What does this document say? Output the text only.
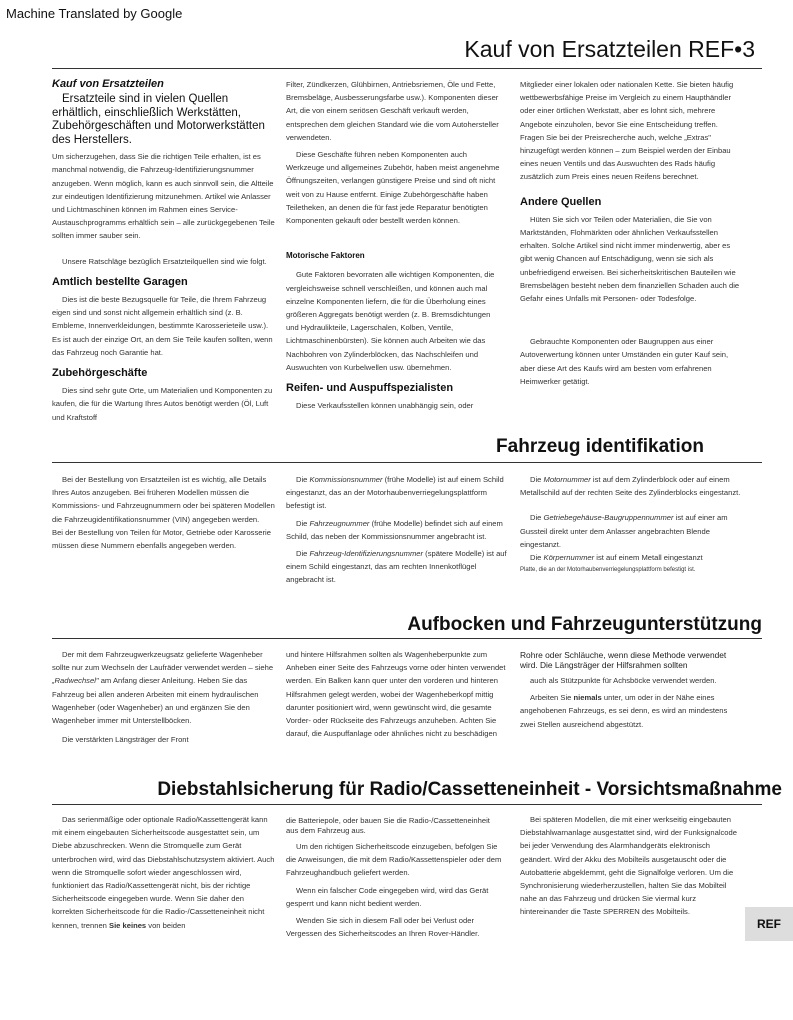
Machine Translated by Google
Kauf von Ersatzteilen REF•3
Kauf von Ersatzteilen
Ersatzteile sind in vielen Quellen erhältlich, einschließlich Werkstätten, Zubehörgeschäften und Motorwerkstätten des Herstellers.

Um sicherzugehen, dass Sie die richtigen Teile erhalten, ist es manchmal notwendig, die Fahrzeug-Identifizierungsnummer anzugeben. Wenn möglich, kann es auch sinnvoll sein, die Altteile zur eindeutigen Identifizierung mitzunehmen. Artikel wie Anlasser und Lichtmaschinen können im Rahmen eines Service-Austauschprogramms erhältlich sein – alle zurückgegebenen Teile sollten immer sauber sein.

Unsere Ratschläge bezüglich Ersatzteilquellen sind wie folgt.

Amtlich bestellte Garagen

Dies ist die beste Bezugsquelle für Teile, die Ihrem Fahrzeug eigen sind und sonst nicht allgemein erhältlich sind (z. B. Embleme, Innenverkleidungen, bestimmte Karosserieteile usw.). Es ist auch der einzige Ort, an dem Sie Teile kaufen sollten, wenn das Fahrzeug noch Garantie hat.

Zubehörgeschäfte

Dies sind sehr gute Orte, um Materialien und Komponenten zu kaufen, die für die Wartung Ihres Autos benötigt werden (Öl, Luft und Kraftstoff

Filter, Zündkerzen, Glühbirnen, Antriebsriemen, Öle und Fette, Bremsbeläge, Ausbesserungsfarbe usw.). Komponenten dieser Art, die von einem seriösen Geschäft verkauft werden, entsprechen dem gleichen Standard wie die vom Autohersteller verwendeten.

Diese Geschäfte führen neben Komponenten auch Werkzeuge und allgemeines Zubehör, haben meist angenehme Öffnungszeiten, verlangen günstigere Preise und sind oft nicht weit von zu Hause entfernt. Einige Zubehörgeschäfte haben Teiletheken, an denen die für fast jede Reparatur benötigten Komponenten gekauft oder bestellt werden können.

Motorische Faktoren

Gute Faktoren bevorraten alle wichtigen Komponenten, die vergleichsweise schnell verschleißen, und können auch mal einzelne Komponenten liefern, die für die Überholung eines größeren Aggregats benötigt werden (z. B. Bremsdichtungen und Hydraulikteile, Lagerschalen, Kolben, Ventile, Lichtmaschinenbürsten). Sie können auch Arbeiten wie das Nachbohren von Zylinderblöcken, das Nachschleifen und Auswuchten von Kurbelwellen usw. übernehmen.

Reifen- und Auspuffspezialisten

Diese Verkaufsstellen können unabhängig sein, oder

Mitglieder einer lokalen oder nationalen Kette. Sie bieten häufig wettbewerbsfähige Preise im Vergleich zu einem Haupthändler oder einer örtlichen Werkstatt, aber es lohnt sich, mehrere Angebote einzuholen, bevor Sie eine Entscheidung treffen. Fragen Sie bei der Preisrecherche auch, welche „Extras" hinzugefügt werden können – zum Beispiel werden der Einbau eines neuen Ventils und das Auswuchten des Rads häufig zusätzlich zum Preis eines neuen Reifens berechnet.

Andere Quellen

Hüten Sie sich vor Teilen oder Materialien, die Sie von Marktständen, Flohmärkten oder ähnlichen Verkaufsstellen erhalten. Solche Artikel sind nicht immer minderwertig, aber es gibt wenig Chancen auf Entschädigung, wenn sie sich als unbefriedigend erweisen. Bei sicherheitskritischen Bauteilen wie Bremsbelägen besteht neben dem finanziellen Schaden auch die Gefahr eines Unfalls mit Personen- oder Todesfolge.

Gebrauchte Komponenten oder Baugruppen aus einer Autoverwertung können unter Umständen ein guter Kauf sein, aber diese Art des Kaufs wird am besten vom erfahrenen Heimwerker getätigt.

Fahrzeug identifikation

Bei der Bestellung von Ersatzteilen ist es wichtig, alle Details Ihres Autos anzugeben. Bei früheren Modellen müssen die Kommissions- und Fahrzeugnummern oder bei späteren Modellen die Fahrzeugidentifikationsnummer (VIN) angegeben werden.

Bei der Bestellung von Teilen für Motor, Getriebe oder Karosserie müssen diese Nummern ebenfalls angegeben werden.

Die Kommissionsnummer (frühe Modelle) ist auf einem Schild eingestanzt, das an der Motorhaubenverriegelungsplattform befestigt ist.

Die Fahrzeugnummer (frühe Modelle) befindet sich auf einem Schild, das neben der Kommissionsnummer angebracht ist.

Die Fahrzeug-Identifizierungsnummer (spätere Modelle) ist auf einem Schild eingestanzt, das am rechten Innenkotflügel angebracht ist.

Die Motornummer ist auf dem Zylinderblock oder auf einem Metallschild auf der rechten Seite des Zylinderblocks eingestanzt.

Die Getriebegehäuse-Baugruppennummer ist auf einer am Gussteil direkt unter dem Anlasser angebrachten Blende eingestanzt.

Die Körpernummer ist auf einem Metall eingestanzt

Platte, die an der Motorhaubenverriegelungsplattform befestigt ist.

Aufbocken und Fahrzeugunterstützung

Der mit dem Fahrzeugwerkzeugsatz gelieferte Wagenheber sollte nur zum Wechseln der Laufräder verwendet werden – siehe „Radwechsel" am Anfang dieser Anleitung. Heben Sie das Fahrzeug bei allen anderen Arbeiten mit einem hydraulischen Wagenheber (oder Wagenheber) an und ergänzen Sie den Wagenheber immer mit Unterstellböcken.

Die verstärkten Längsträger der Front

und hintere Hilfsrahmen sollten als Wagenheberpunkte zum Anheben einer Seite des Fahrzeugs vorne oder hinten verwendet werden. Ein Balken kann quer unter den vorderen und hinteren Hilfsrahmen gelegt werden, wobei der Wagenheberkopf mittig darunter positioniert wird, wenn gewünscht wird, die gesamte Vorder- oder Rückseite des Fahrzeugs anzuheben. Achten Sie darauf, die Auspuffanlage oder ähnliches nicht zu beschädigen

Rohre oder Schläuche, wenn diese Methode verwendet wird. Die Längsträger der Hilfsrahmen sollten

auch als Stützpunkte für Achsböcke verwendet werden.

Arbeiten Sie niemals unter, um oder in der Nähe eines angehobenen Fahrzeugs, es sei denn, es wird an mindestens zwei Stellen ausreichend abgestützt.

Diebstahlsicherung für Radio/Cassetteneinheit - Vorsichtsmaßnahme

Das serienmäßige oder optionale Radio/Kassettengerät kann mit einem eingebauten Sicherheitscode ausgestattet sein, um Diebe abzuschrecken. Wenn die Stromquelle zum Gerät unterbrochen wird, wird das Diebstahlschutzsystem aktiviert. Auch wenn die Stromquelle sofort wieder angeschlossen wird, funktioniert das Radio/Kassettengerät nicht, bis der richtige Sicherheitscode eingegeben wurde. Wenn Sie daher den korrekten Sicherheitscode für die Radio-/Cassetteneinheit nicht kennen, trennen Sie keines von beiden

die Batteriepole, oder bauen Sie die Radio-/Cassetteneinheit aus dem Fahrzeug aus.

Um den richtigen Sicherheitscode einzugeben, befolgen Sie die Anweisungen, die mit dem Radio/Kassettenspieler oder dem Fahrzeughandbuch geliefert werden.

Wenn ein falscher Code eingegeben wird, wird das Gerät gesperrt und kann nicht bedient werden.

Wenden Sie sich in diesem Fall oder bei Verlust oder Vergessen des Sicherheitscodes an Ihren Rover-Händler.

Bei späteren Modellen, die mit einer werkseitig eingebauten Diebstahlwarnanlage ausgestattet sind, wird der Funksignalcode bei jeder Verwendung des Alarmhandgeräts elektronisch geändert. Wird der Akku des Mobilteils ausgetauscht oder die Autobatterie abgeklemmt, geht die Signalfolge verloren. Um die Synchronisierung wiederherzustellen, halten Sie das Mobilteil nahe an das Fahrzeug und drücken Sie viermal kurz hintereinander die Taste SPERREN des Mobilteils.

REF
